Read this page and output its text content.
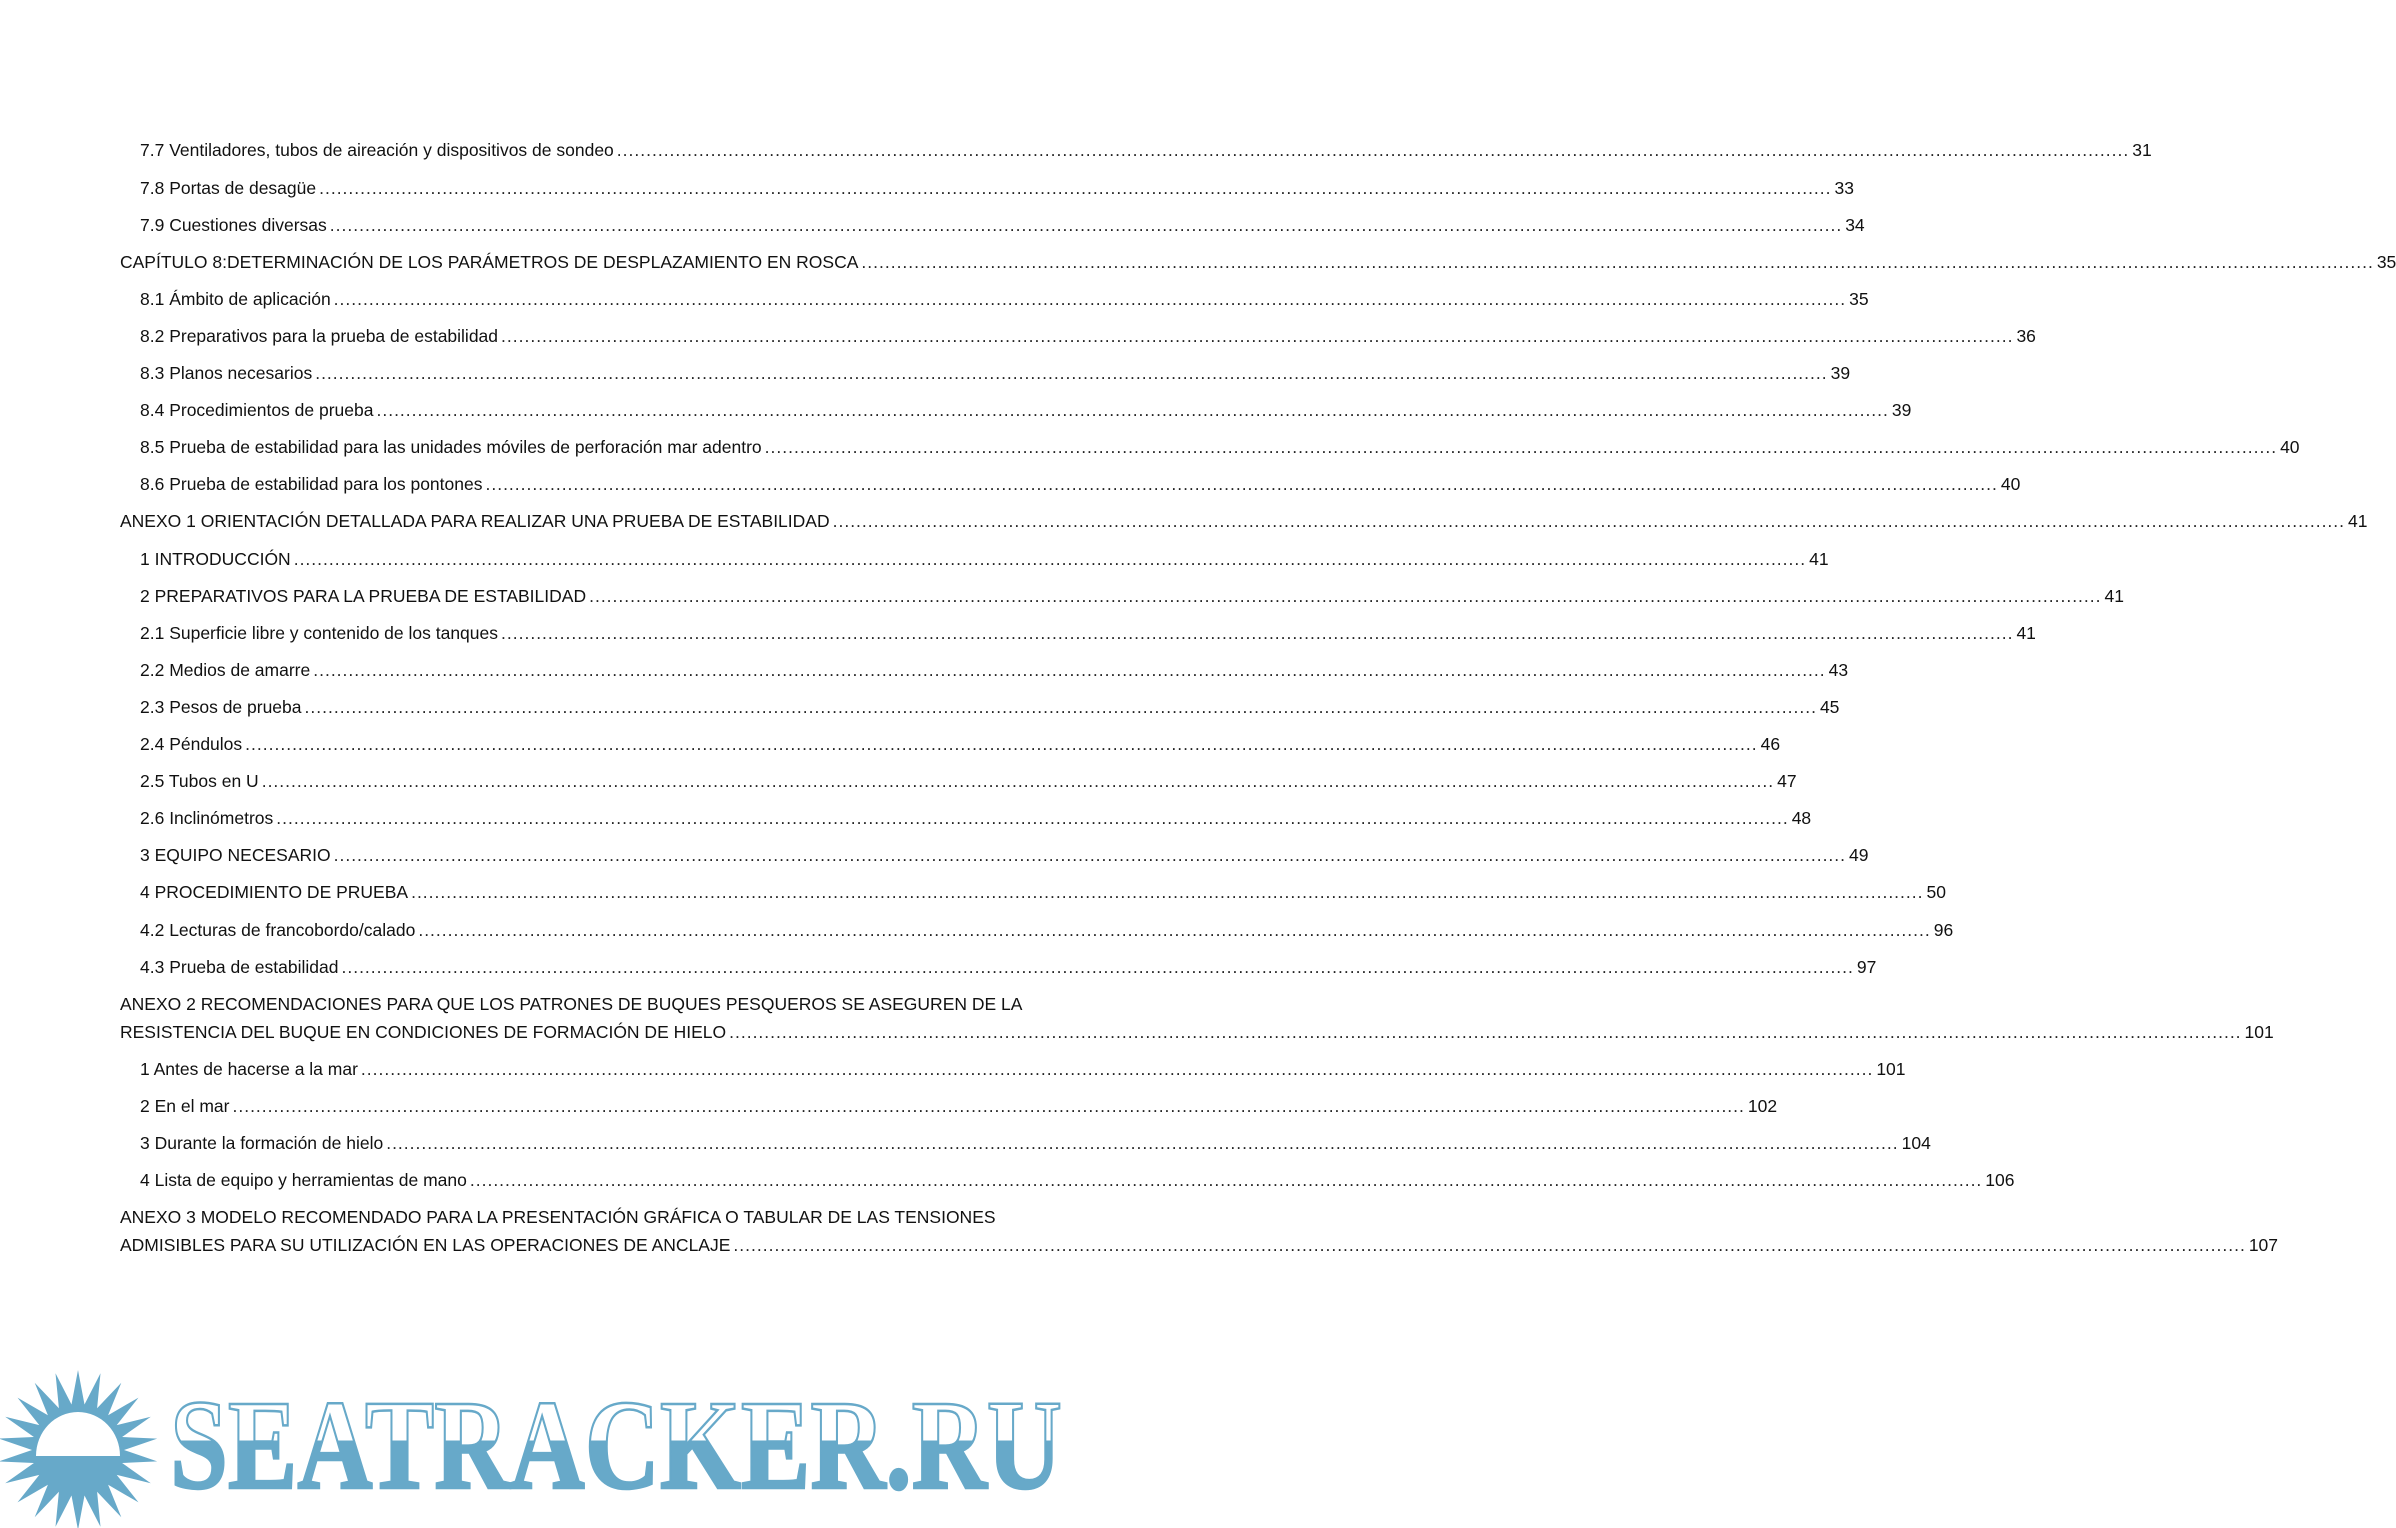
7.7 Ventiladores, tubos de aireación y dispositivos de sondeo .....	31
7.8 Portas de desagüe .....	33
7.9 Cuestiones diversas .....	34
CAPÍTULO 8:DETERMINACIÓN DE LOS PARÁMETROS DE DESPLAZAMIENTO EN ROSCA .....	35
8.1 Ámbito de aplicación .....	35
8.2 Preparativos para la prueba de estabilidad .....	36
8.3 Planos necesarios .....	39
8.4 Procedimientos de prueba .....	39
8.5 Prueba de estabilidad para las unidades móviles de perforación mar adentro .....	40
8.6 Prueba de estabilidad para los pontones .....	40
ANEXO 1 ORIENTACIÓN DETALLADA PARA REALIZAR UNA PRUEBA DE ESTABILIDAD .....	41
1 INTRODUCCIÓN .....	41
2 PREPARATIVOS PARA LA PRUEBA DE ESTABILIDAD .....	41
2.1 Superficie libre y contenido de los tanques .....	41
2.2 Medios de amarre .....	43
2.3 Pesos de prueba .....	45
2.4 Péndulos .....	46
2.5 Tubos en U .....	47
2.6 Inclinómetros .....	48
3 EQUIPO NECESARIO .....	49
4 PROCEDIMIENTO DE PRUEBA .....	50
4.2 Lecturas de francobordo/calado .....	96
4.3 Prueba de estabilidad .....	97
ANEXO 2 RECOMENDACIONES PARA QUE LOS PATRONES DE BUQUES PESQUEROS SE ASEGUREN DE LA
RESISTENCIA DEL BUQUE EN CONDICIONES DE FORMACIÓN DE HIELO .....	101
1 Antes de hacerse a la mar .....	101
2 En el mar .....	102
3 Durante la formación de hielo .....	104
4 Lista de equipo y herramientas de mano .....	106
ANEXO 3 MODELO RECOMENDADO PARA LA PRESENTACIÓN GRÁFICA O TABULAR DE LAS TENSIONES
ADMISIBLES PARA SU UTILIZACIÓN EN LAS OPERACIONES DE ANCLAJE .....	107
SEATRACKER.RU
